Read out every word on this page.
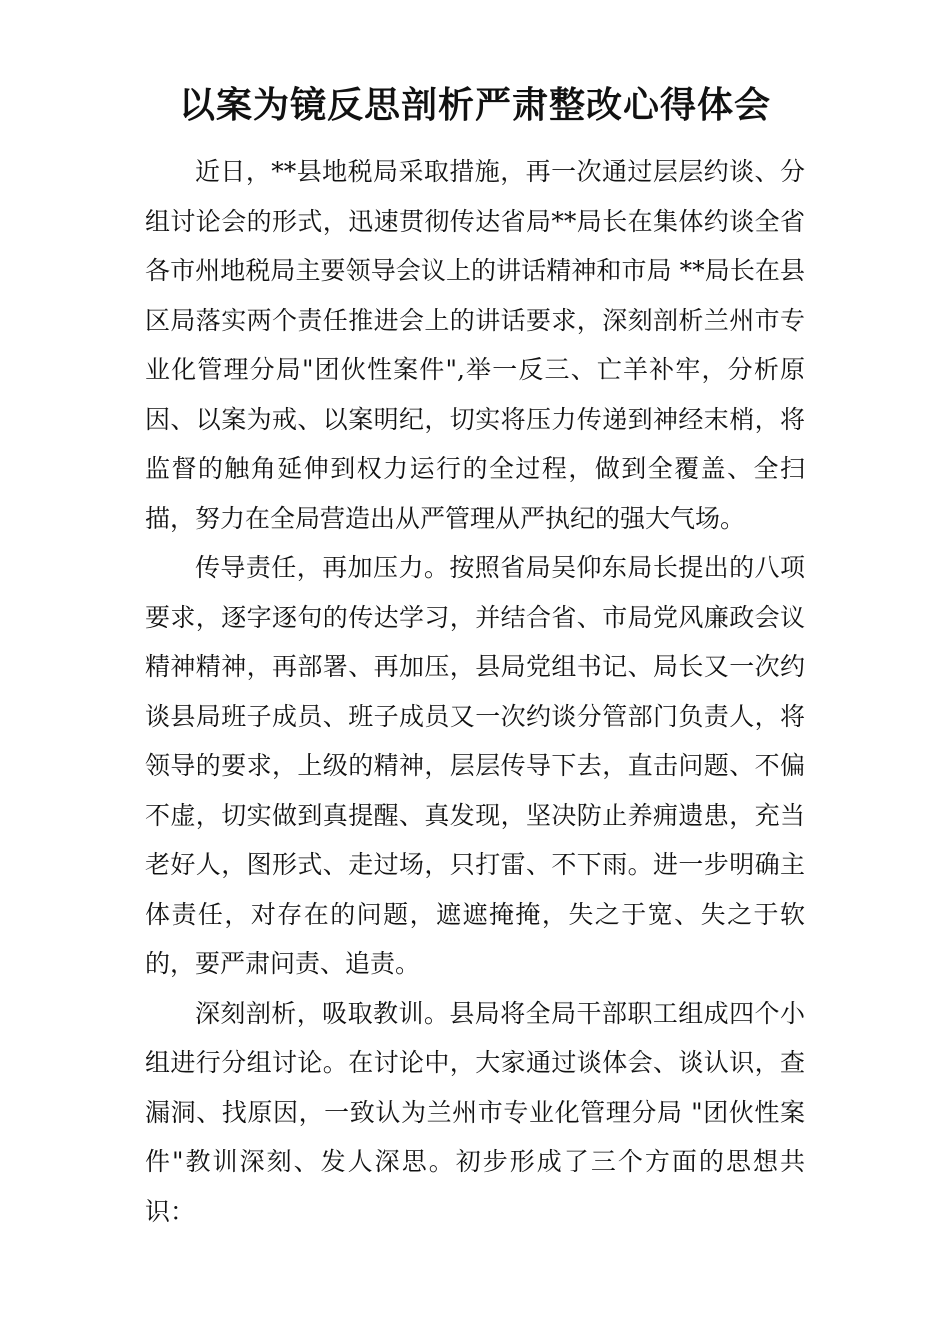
以案为镜反思剖析严肃整改心得体会

近日，**县地税局采取措施，再一次通过层层约谈、分组讨论会的形式，迅速贯彻传达省局**局长在集体约谈全省各市州地税局主要领导会议上的讲话精神和市局 **局长在县区局落实两个责任推进会上的讲话要求，深刻剖析兰州市专业化管理分局"团伙性案件",举一反三、亡羊补牢，分析原因、以案为戒、以案明纪，切实将压力传递到神经末梢，将监督的触角延伸到权力运行的全过程，做到全覆盖、全扫描，努力在全局营造出从严管理从严执纪的强大气场。

传导责任，再加压力。按照省局吴仰东局长提出的八项要求，逐字逐句的传达学习，并结合省、市局党风廉政会议精神精神，再部署、再加压，县局党组书记、局长又一次约谈县局班子成员、班子成员又一次约谈分管部门负责人，将领导的要求，上级的精神，层层传导下去，直击问题、不偏不虚，切实做到真提醒、真发现，坚决防止养痈遗患，充当老好人，图形式、走过场，只打雷、不下雨。进一步明确主体责任，对存在的问题，遮遮掩掩，失之于宽、失之于软的，要严肃问责、追责。

深刻剖析，吸取教训。县局将全局干部职工组成四个小组进行分组讨论。在讨论中，大家通过谈体会、谈认识，查漏洞、找原因，一致认为兰州市专业化管理分局 "团伙性案件"教训深刻、发人深思。初步形成了三个方面的思想共识：
